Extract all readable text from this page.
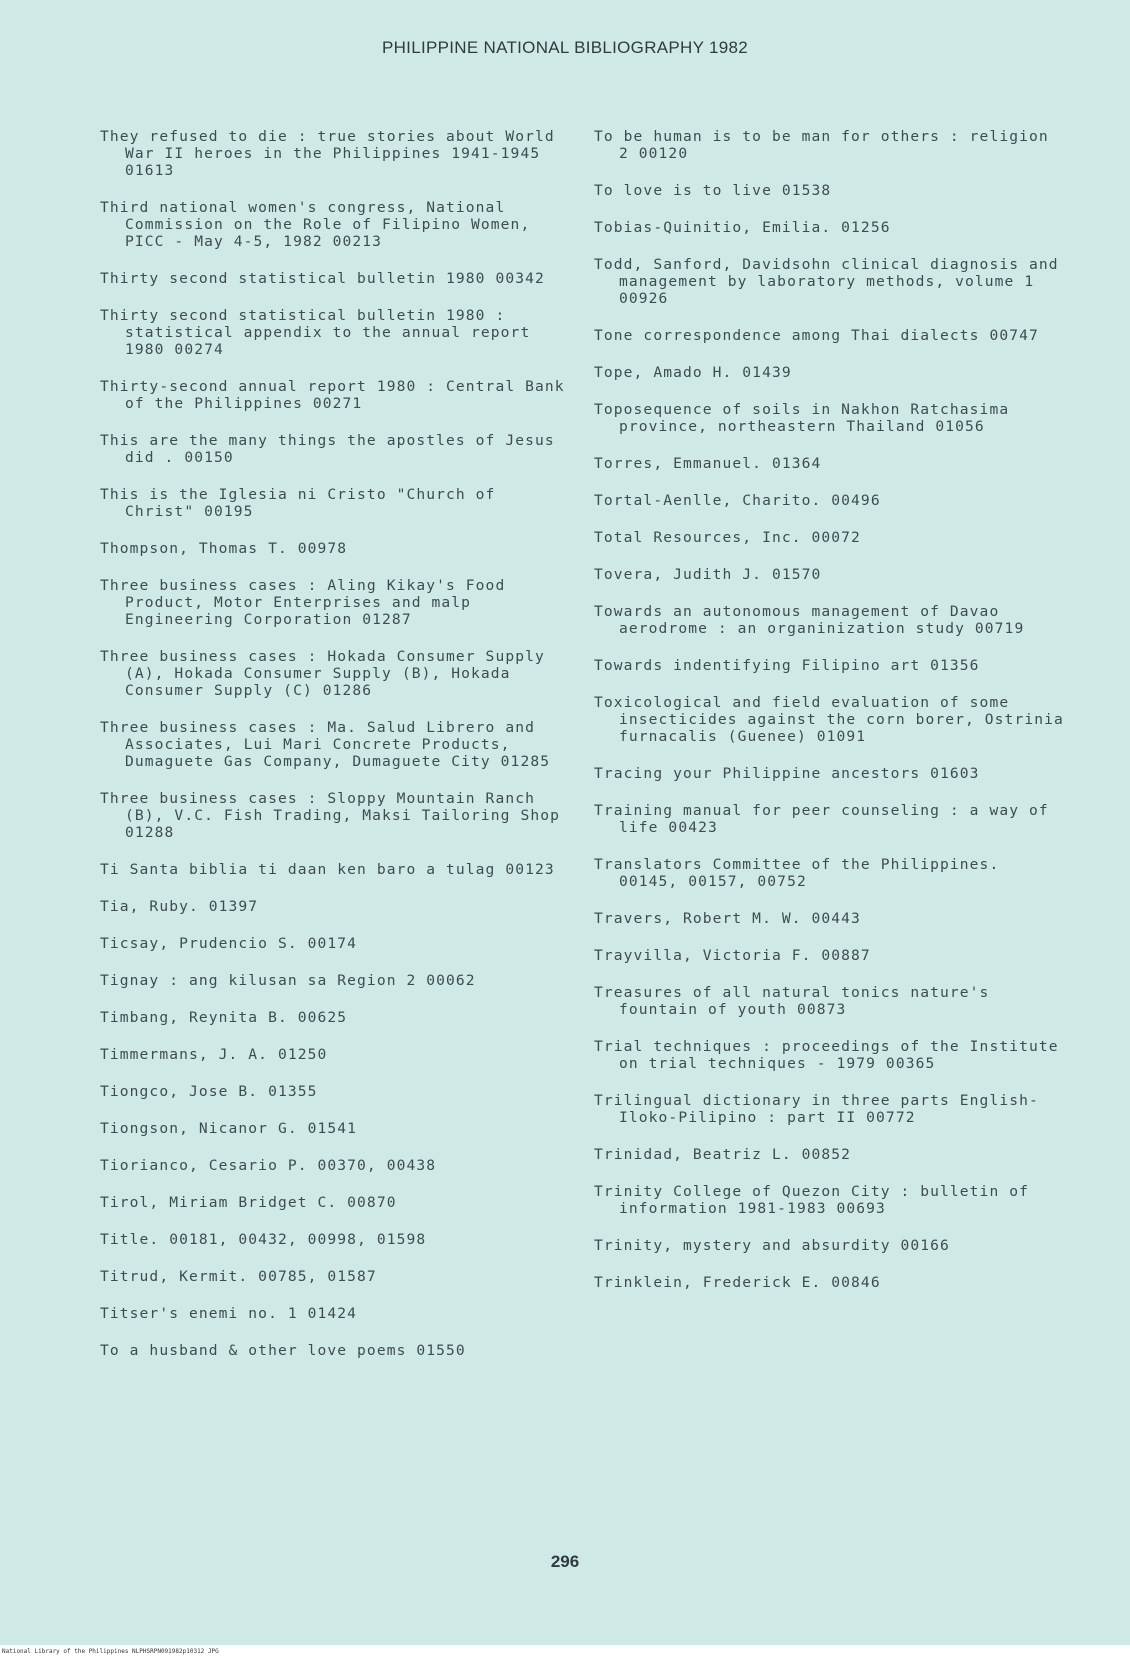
PHILIPPINE NATIONAL BIBLIOGRAPHY 1982

They refused to die : true stories about World War II heroes in the Philippines 1941-1945 01613

Third national women's congress, National Commission on the Role of Filipino Women, PICC - May 4-5, 1982 00213

Thirty second statistical bulletin 1980 00342

Thirty second statistical bulletin 1980 : statistical appendix to the annual report 1980 00274

Thirty-second annual report 1980 : Central Bank of the Philippines 00271

This are the many things the apostles of Jesus did . 00150

This is the Iglesia ni Cristo "Church of Christ" 00195

Thompson, Thomas T. 00978

Three business cases : Aling Kikay's Food Product, Motor Enterprises and malp Engineering Corporation 01287

Three business cases : Hokada Consumer Supply (A), Hokada Consumer Supply (B), Hokada Consumer Supply (C) 01286

Three business cases : Ma. Salud Librero and Associates, Lui Mari Concrete Products, Dumaguete Gas Company, Dumaguete City 01285

Three business cases : Sloppy Mountain Ranch (B), V.C. Fish Trading, Maksi Tailoring Shop 01288

Ti Santa biblia ti daan ken baro a tulag 00123

Tia, Ruby. 01397

Ticsay, Prudencio S. 00174

Tignay : ang kilusan sa Region 2 00062

Timbang, Reynita B. 00625

Timmermans, J. A. 01250

Tiongco, Jose B. 01355

Tiongson, Nicanor G. 01541

Tiorianco, Cesario P. 00370, 00438

Tirol, Miriam Bridget C. 00870

Title. 00181, 00432, 00998, 01598

Titrud, Kermit. 00785, 01587

Titser's enemi no. 1 01424

To a husband & other love poems 01550

To be human is to be man for others : religion 2 00120

To love is to live 01538

Tobias-Quinitio, Emilia. 01256

Todd, Sanford, Davidsohn clinical diagnosis and management by laboratory methods, volume 1 00926

Tone correspondence among Thai dialects 00747

Tope, Amado H. 01439

Toposequence of soils in Nakhon Ratchasima province, northeastern Thailand 01056

Torres, Emmanuel. 01364

Tortal-Aenlle, Charito. 00496

Total Resources, Inc. 00072

Tovera, Judith J. 01570

Towards an autonomous management of Davao aerodrome : an organinization study 00719

Towards indentifying Filipino art 01356

Toxicological and field evaluation of some insecticides against the corn borer, Ostrinia furnacalis (Guenee) 01091

Tracing your Philippine ancestors 01603

Training manual for peer counseling : a way of life 00423

Translators Committee of the Philippines. 00145, 00157, 00752

Travers, Robert M. W. 00443

Trayvilla, Victoria F. 00887

Treasures of all natural tonics nature's fountain of youth 00873

Trial techniques : proceedings of the Institute on trial techniques - 1979 00365

Trilingual dictionary in three parts English-Iloko-Pilipino : part II 00772

Trinidad, Beatriz L. 00852

Trinity College of Quezon City : bulletin of information 1981-1983 00693

Trinity, mystery and absurdity 00166

Trinklein, Frederick E. 00846

296
National Library of the Philippines NLPHSRPN091982p10312 JPG
